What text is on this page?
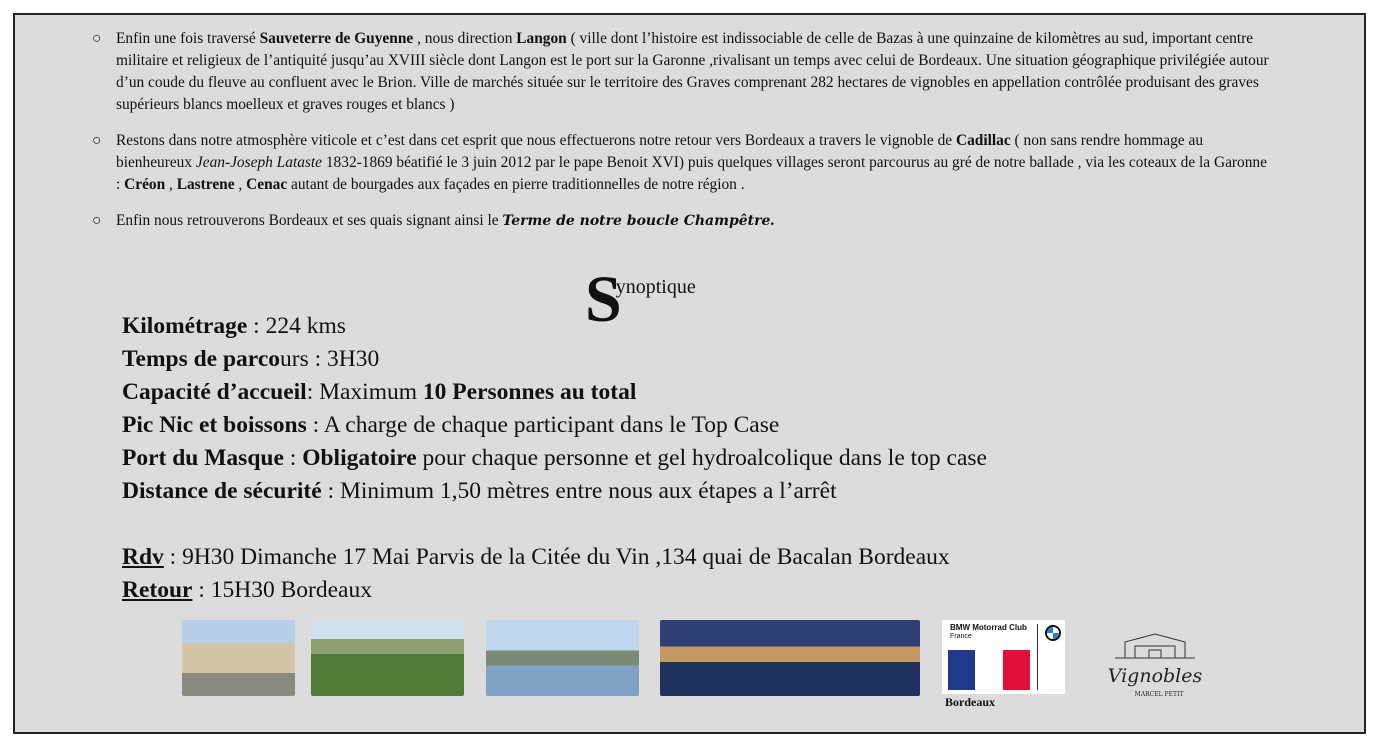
○ Enfin une fois traversé Sauveterre de Guyenne , nous direction Langon ( ville dont l’histoire est indissociable de celle de Bazas à une quinzaine de kilomètres au sud, important centre militaire et religieux de l’antiquité jusqu’au XVIII siècle dont Langon est le port sur la Garonne ,rivalisant un temps avec celui de Bordeaux. Une situation géographique privilégiée autour d’un coude du fleuve au confluent avec le Brion. Ville de marchés située sur le territoire des Graves comprenant 282 hectares de vignobles en appellation contrôlée produisant des graves supérieurs blancs moelleux et graves rouges et blancs )
○ Restons dans notre atmosphère viticole et c’est dans cet esprit que nous effectuerons notre retour vers Bordeaux a travers le vignoble de Cadillac ( non sans rendre hommage au bienheureux Jean-Joseph Lataste 1832-1869 béatifié le 3 juin 2012 par le pape Benoit XVI) puis quelques villages seront parcourus au gré de notre ballade , via les coteaux de la Garonne : Créon , Lastrene , Cenac autant de bourgades aux façades en pierre traditionnelles de notre région .
○ Enfin nous retrouverons Bordeaux et ses quais signant ainsi le Terme de notre boucle Champêtre.
Synoptique
Kilométrage : 224 kms
Temps de parcours : 3H30
Capacité d’accueil: Maximum 10 Personnes au total
Pic Nic et boissons : A charge de chaque participant dans le Top Case
Port du Masque : Obligatoire pour chaque personne et gel hydroalcolique dans le top case
Distance de sécurité : Minimum 1,50 mètres entre nous aux étapes a l’arrêt
Rdv : 9H30 Dimanche 17 Mai Parvis de la Citée du Vin ,134 quai de Bacalan Bordeaux
Retour : 15H30 Bordeaux
BMW Motorrad Club
France
Bordeaux
Vignobles
MARCEL PETIT
